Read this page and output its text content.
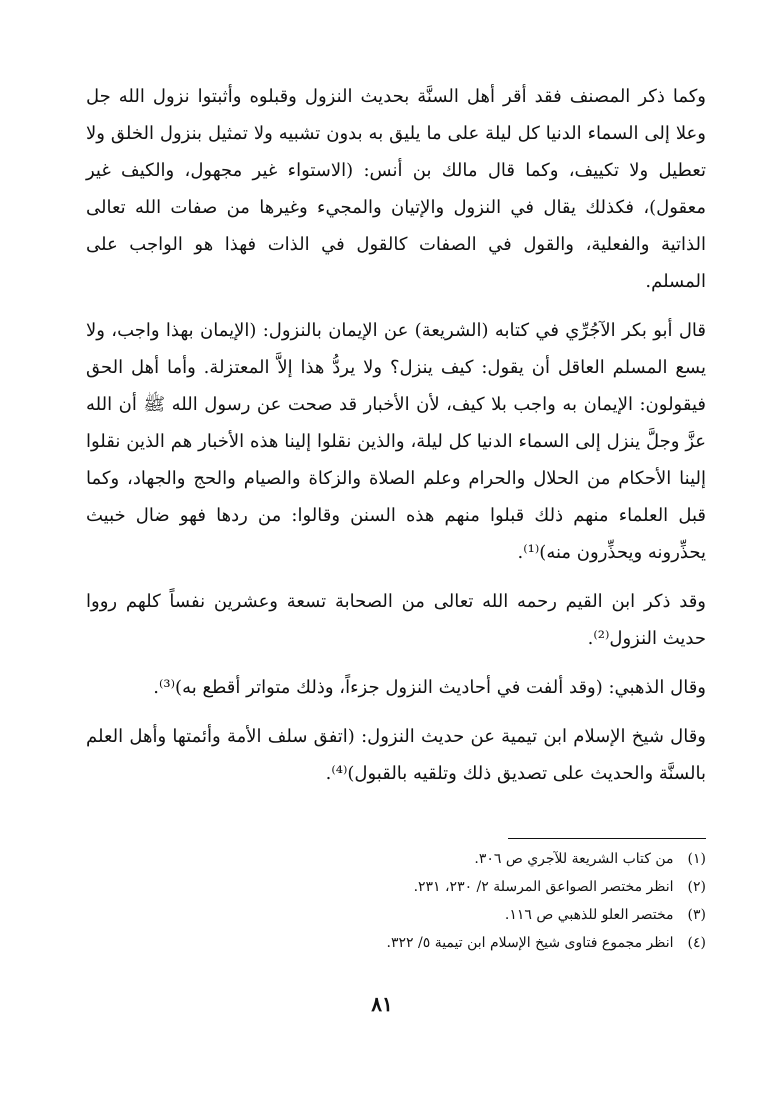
وكما ذكر المصنف فقد أقر أهل السنَّة بحديث النزول وقبلوه وأثبتوا نزول الله جل وعلا إلى السماء الدنيا كل ليلة على ما يليق به بدون تشبيه ولا تمثيل بنزول الخلق ولا تعطيل ولا تكييف، وكما قال مالك بن أنس: (الاستواء غير مجهول، والكيف غير معقول)، فكذلك يقال في النزول والإتيان والمجيء وغيرها من صفات الله تعالى الذاتية والفعلية، والقول في الصفات كالقول في الذات فهذا هو الواجب على المسلم.

قال أبو بكر الآجُرِّي في كتابه (الشريعة) عن الإيمان بالنزول: (الإيمان بهذا واجب، ولا يسع المسلم العاقل أن يقول: كيف ينزل؟ ولا يردُّ هذا إلاَّ المعتزلة. وأما أهل الحق فيقولون: الإيمان به واجب بلا كيف، لأن الأخبار قد صحت عن رسول الله ﷺ أن الله عزَّ وجلَّ ينزل إلى السماء الدنيا كل ليلة، والذين نقلوا إلينا هذه الأخبار هم الذين نقلوا إلينا الأحكام من الحلال والحرام وعلم الصلاة والزكاة والصيام والحج والجهاد، وكما قبل العلماء منهم ذلك قبلوا منهم هذه السنن وقالوا: من ردها فهو ضال خبيث يحذِّرونه ويحذِّرون منه)⁽¹⁾.

وقد ذكر ابن القيم رحمه الله تعالى من الصحابة تسعة وعشرين نفساً كلهم رووا حديث النزول⁽²⁾.

وقال الذهبي: (وقد ألفت في أحاديث النزول جزءاً، وذلك متواتر أقطع به)⁽³⁾.

وقال شيخ الإسلام ابن تيمية عن حديث النزول: (اتفق سلف الأمة وأئمتها وأهل العلم بالسنَّة والحديث على تصديق ذلك وتلقيه بالقبول)⁽⁴⁾.

(١)من كتاب الشريعة للآجري ص ٣٠٦.
(٢)انظر مختصر الصواعق المرسلة ٢/ ٢٣٠، ٢٣١.
(٣)مختصر العلو للذهبي ص ١١٦.
(٤)انظر مجموع فتاوى شيخ الإسلام ابن تيمية ٥/ ٣٢٢.
٨١
